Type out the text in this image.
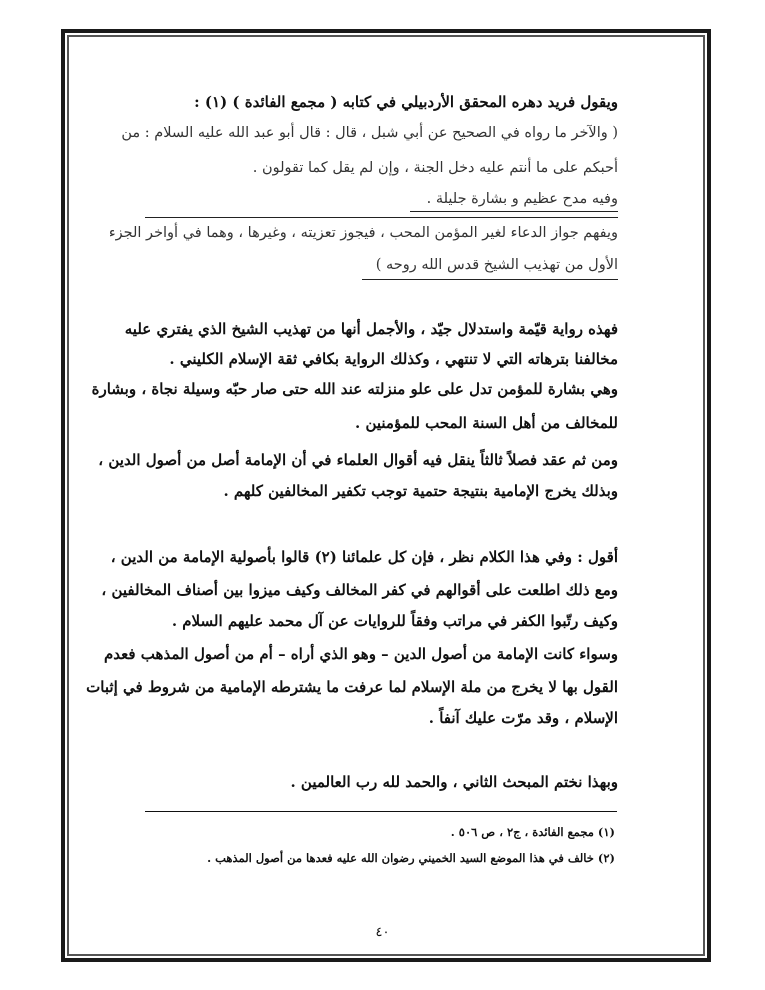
ويقول فريد دهره المحقق الأردبيلي في كتابه ( مجمع الفائدة ) (١) :
( والآخر ما رواه في الصحيح عن أبي شبل ، قال : قال أبو عبد الله عليه السلام : من
أحبكم على ما أنتم عليه دخل الجنة ، وإن لم يقل كما تقولون .
وفيه مدح عظيم و بشارة جليلة .
ويفهم جواز الدعاء لغير المؤمن المحب ، فيجوز تعزيته ، وغيرها ، وهما في أواخر الجزء
الأول من تهذيب الشيخ قدس الله روحه )
فهذه رواية قيّمة واستدلال جيّد ، والأجمل أنها من تهذيب الشيخ الذي يفتري عليه
مخالفنا بترهاته التي لا تنتهي ، وكذلك الرواية بكافي ثقة الإسلام الكليني .
وهي بشارة للمؤمن تدل على علو منزلته عند الله حتى صار حبّه وسيلة نجاة ، وبشارة
للمخالف من أهل السنة المحب للمؤمنين .
ومن ثم عقد فصلاً ثالثاً ينقل فيه أقوال العلماء في أن الإمامة أصل من أصول الدين ،
وبذلك يخرج الإمامية بنتيجة حتمية توجب تكفير المخالفين كلهم .
أقول : وفي هذا الكلام نظر ، فإن كل علمائنا (٢) قالوا بأصولية الإمامة من الدين ،
ومع ذلك اطلعت على أقوالهم في كفر المخالف وكيف ميزوا بين أصناف المخالفين ،
وكيف رتّبوا الكفر في مراتب وفقاً للروايات عن آل محمد عليهم السلام .
وسواء كانت الإمامة من أصول الدين – وهو الذي أراه – أم من أصول المذهب فعدم
القول بها لا يخرج من ملة الإسلام لما عرفت ما يشترطه الإمامية من شروط في إثبات
الإسلام ، وقد مرّت عليك آنفاً .
وبهذا نختم المبحث الثاني ، والحمد لله رب العالمين .
(١) مجمع الفائدة ، ج٢ ، ص ٥٠٦ .
(٢) خالف في هذا الموضع السيد الخميني رضوان الله عليه فعدها من أصول المذهب .
٤٠
